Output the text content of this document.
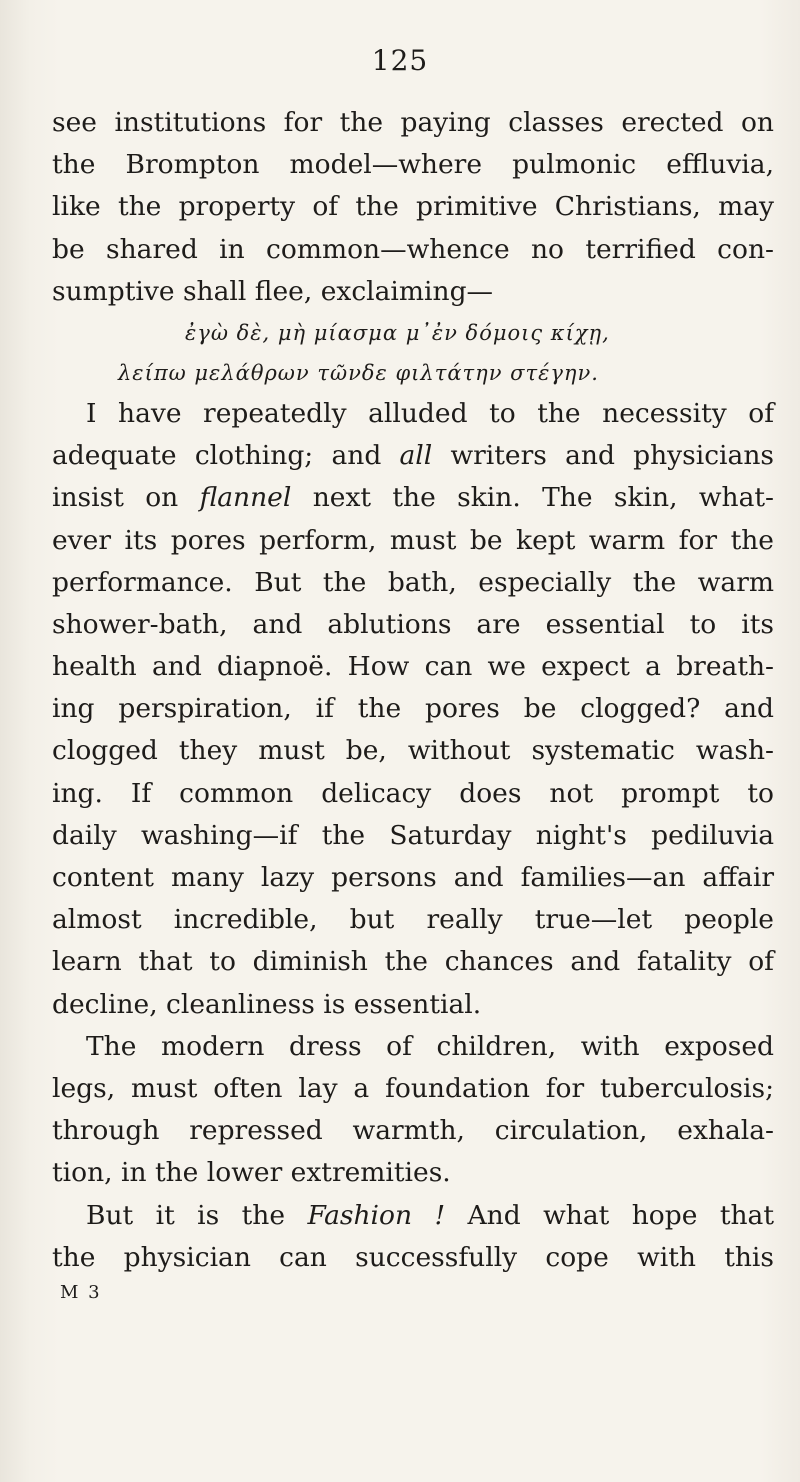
125
see institutions for the paying classes erected on
the Brompton model—where pulmonic effluvia,
like the property of the primitive Christians, may
be shared in common—whence no terrified con-
sumptive shall flee, exclaiming—
ἐγὼ δὲ, μὴ μίασμα μ᾽ἐν δόμοις κίχῃ,
λείπω μελάθρων τῶνδε φιλτάτην στέγην.
I have repeatedly alluded to the necessity of
adequate clothing; and all writers and physicians
insist on flannel next the skin. The skin, what-
ever its pores perform, must be kept warm for the
performance. But the bath, especially the warm
shower-bath, and ablutions are essential to its
health and diapnoë. How can we expect a breath-
ing perspiration, if the pores be clogged? and
clogged they must be, without systematic wash-
ing. If common delicacy does not prompt to
daily washing—if the Saturday night's pediluvia
content many lazy persons and families—an affair
almost incredible, but really true—let people
learn that to diminish the chances and fatality of
decline, cleanliness is essential.
The modern dress of children, with exposed
legs, must often lay a foundation for tuberculosis;
through repressed warmth, circulation, exhala-
tion, in the lower extremities.
But it is the Fashion ! And what hope that
the physician can successfully cope with this
M 3
